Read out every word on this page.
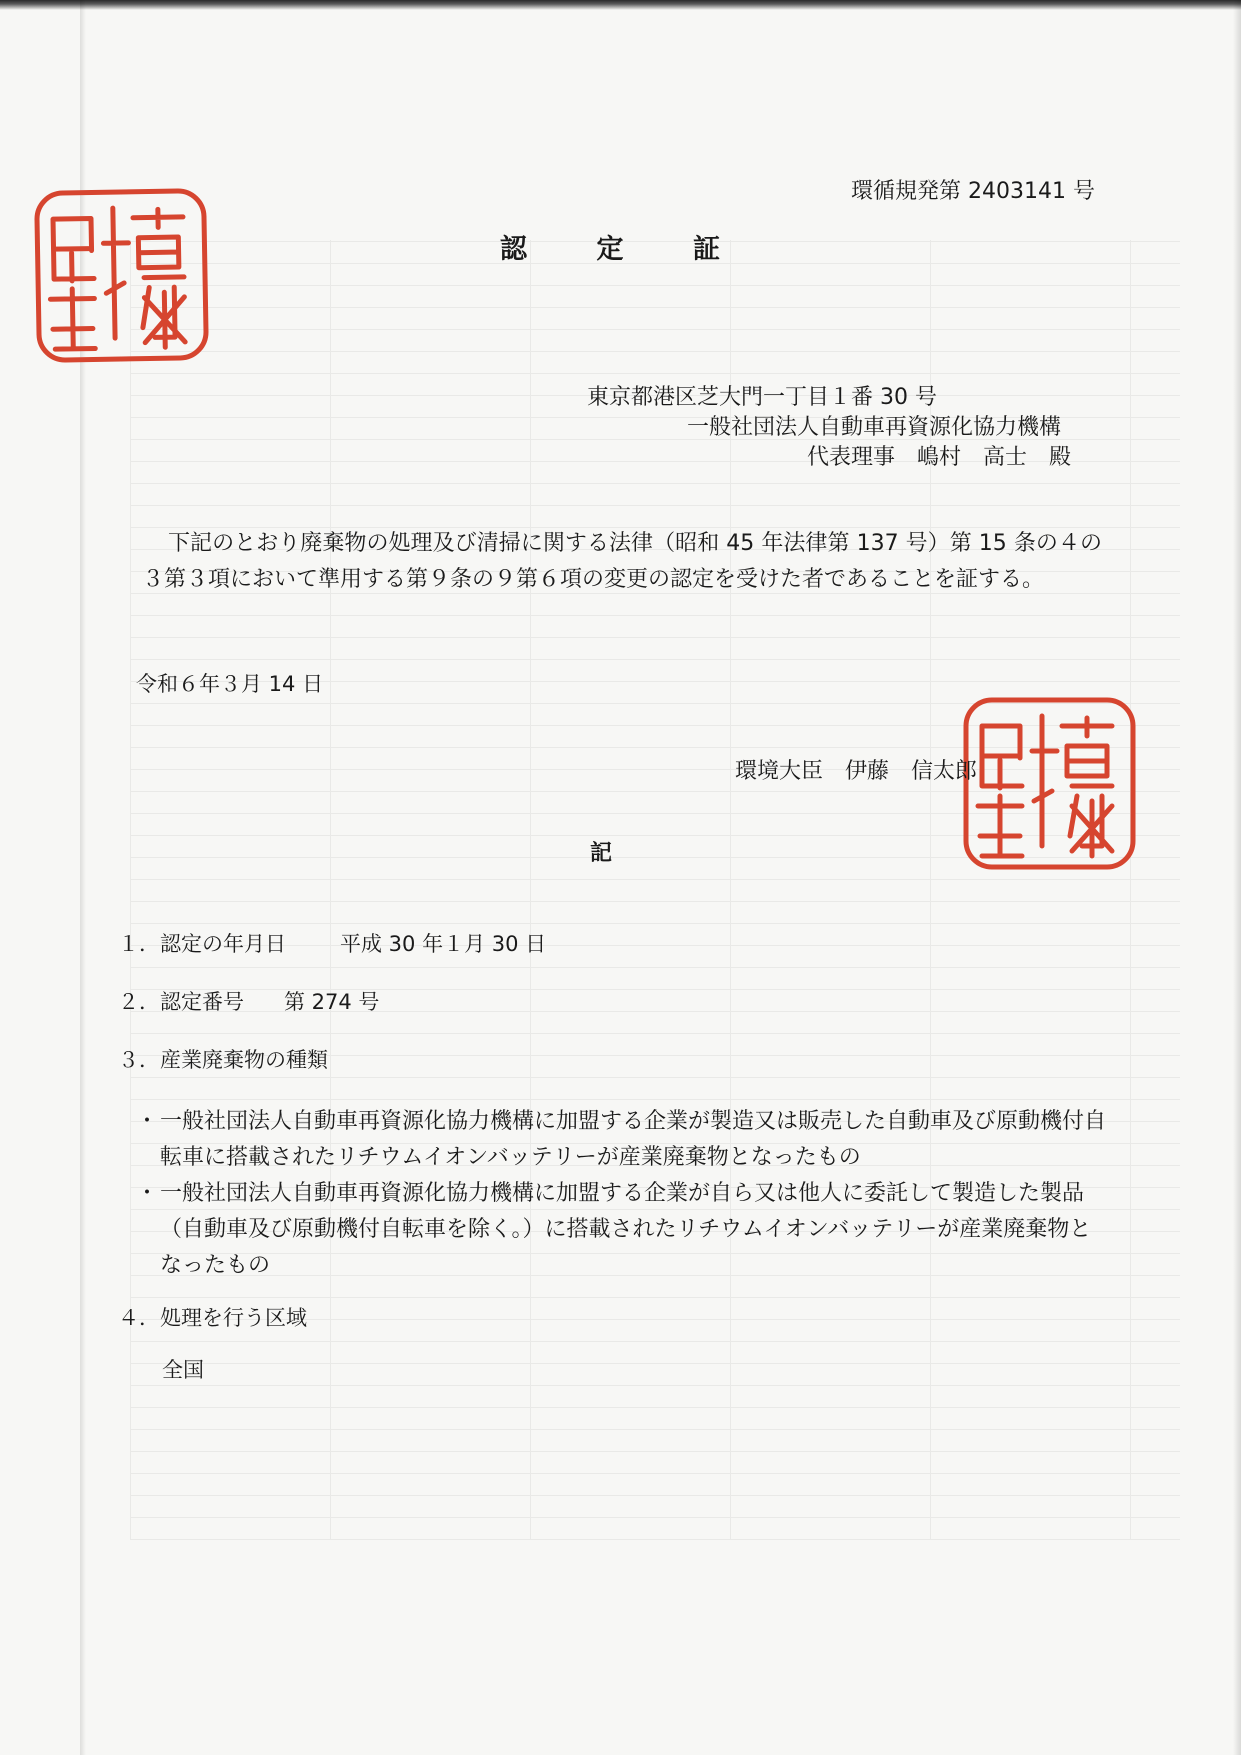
環循規発第 2403141 号
認	定	証
東京都港区芝大門一丁目１番 30 号
一般社団法人自動車再資源化協力機構
代表理事　嶋村　高士　殿
下記のとおり廃棄物の処理及び清掃に関する法律（昭和 45 年法律第 137 号）第 15 条の４の３第３項において準用する第９条の９第６項の変更の認定を受けた者であることを証する。
令和６年３月 14 日
環境大臣　伊藤　信太郎
記
１．認定の年月日	平成 30 年１月 30 日
２．認定番号 第 274 号
３．産業廃棄物の種類
・ 一般社団法人自動車再資源化協力機構に加盟する企業が製造又は販売した自動車及び原動機付自転車に搭載されたリチウムイオンバッテリーが産業廃棄物となったもの
・ 一般社団法人自動車再資源化協力機構に加盟する企業が自ら又は他人に委託して製造した製品（自動車及び原動機付自転車を除く。）に搭載されたリチウムイオンバッテリーが産業廃棄物となったもの
４．処理を行う区域
全国
